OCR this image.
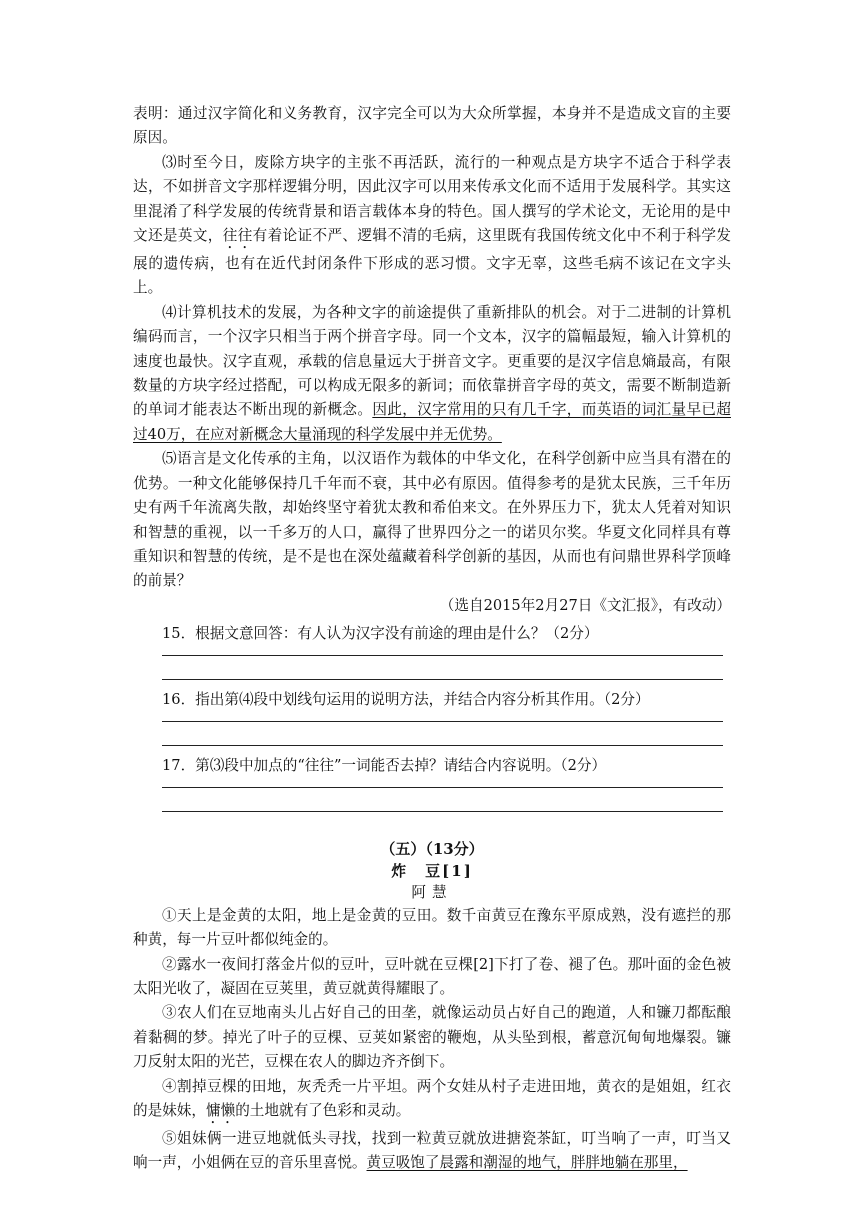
表明：通过汉字简化和义务教育，汉字完全可以为大众所掌握，本身并不是造成文盲的主要原因。

⑶时至今日，废除方块字的主张不再活跃，流行的一种观点是方块字不适合于科学表达，不如拼音文字那样逻辑分明，因此汉字可以用来传承文化而不适用于发展科学。其实这里混淆了科学发展的传统背景和语言载体本身的特色。国人撰写的学术论文，无论用的是中文还是英文，往往有着论证不严、逻辑不清的毛病，这里既有我国传统文化中不利于科学发展的遗传病，也有在近代封闭条件下形成的恶习惯。文字无辜，这些毛病不该记在文字头上。

⑷计算机技术的发展，为各种文字的前途提供了重新排队的机会。对于二进制的计算机编码而言，一个汉字只相当于两个拼音字母。同一个文本，汉字的篇幅最短，输入计算机的速度也最快。汉字直观，承载的信息量远大于拼音文字。更重要的是汉字信息熵最高，有限数量的方块字经过搭配，可以构成无限多的新词；而依靠拼音字母的英文，需要不断制造新的单词才能表达不断出现的新概念。因此，汉字常用的只有几千字，而英语的词汇量早已超过40万，在应对新概念大量涌现的科学发展中并无优势。

⑸语言是文化传承的主角，以汉语作为载体的中华文化，在科学创新中应当具有潜在的优势。一种文化能够保持几千年而不衰，其中必有原因。值得参考的是犹太民族，三千年历史有两千年流离失散，却始终坚守着犹太教和希伯来文。在外界压力下，犹太人凭着对知识和智慧的重视，以一千多万的人口，赢得了世界四分之一的诺贝尔奖。华夏文化同样具有尊重知识和智慧的传统，是不是也在深处蕴藏着科学创新的基因，从而也有问鼎世界科学顶峰的前景？

（选自2015年2月27日《文汇报》，有改动）

15．根据文意回答：有人认为汉字没有前途的理由是什么？（2分）

16．指出第⑷段中划线句运用的说明方法，并结合内容分析其作用。（2分）

17．第⑶段中加点的“往往”一词能否去掉？请结合内容说明。（2分）

（五）（13分）

炸　豆[1]

阿慧

①天上是金黄的太阳，地上是金黄的豆田。数千亩黄豆在豫东平原成熟，没有遮拦的那种黄，每一片豆叶都似纯金的。

②露水一夜间打落金片似的豆叶，豆叶就在豆棵[2]下打了卷、褪了色。那叶面的金色被太阳光收了，凝固在豆荚里，黄豆就黄得耀眼了。

③农人们在豆地南头儿占好自己的田垄，就像运动员占好自己的跑道，人和镰刀都酝酿着黏稠的梦。掉光了叶子的豆棵、豆荚如紧密的鞭炮，从头坠到根，蓄意沉甸甸地爆裂。镰刀反射太阳的光芒，豆棵在农人的脚边齐齐倒下。

④割掉豆棵的田地，灰秃秃一片平坦。两个女娃从村子走进田地，黄衣的是姐姐，红衣的是妹妹，慵懒的土地就有了色彩和灵动。

⑤姐妹俩一进豆地就低头寻找，找到一粒黄豆就放进搪瓷茶缸，叮当响了一声，叮当又响一声，小姐俩在豆的音乐里喜悦。黄豆吸饱了晨露和潮湿的地气，胖胖地躺在那里，
